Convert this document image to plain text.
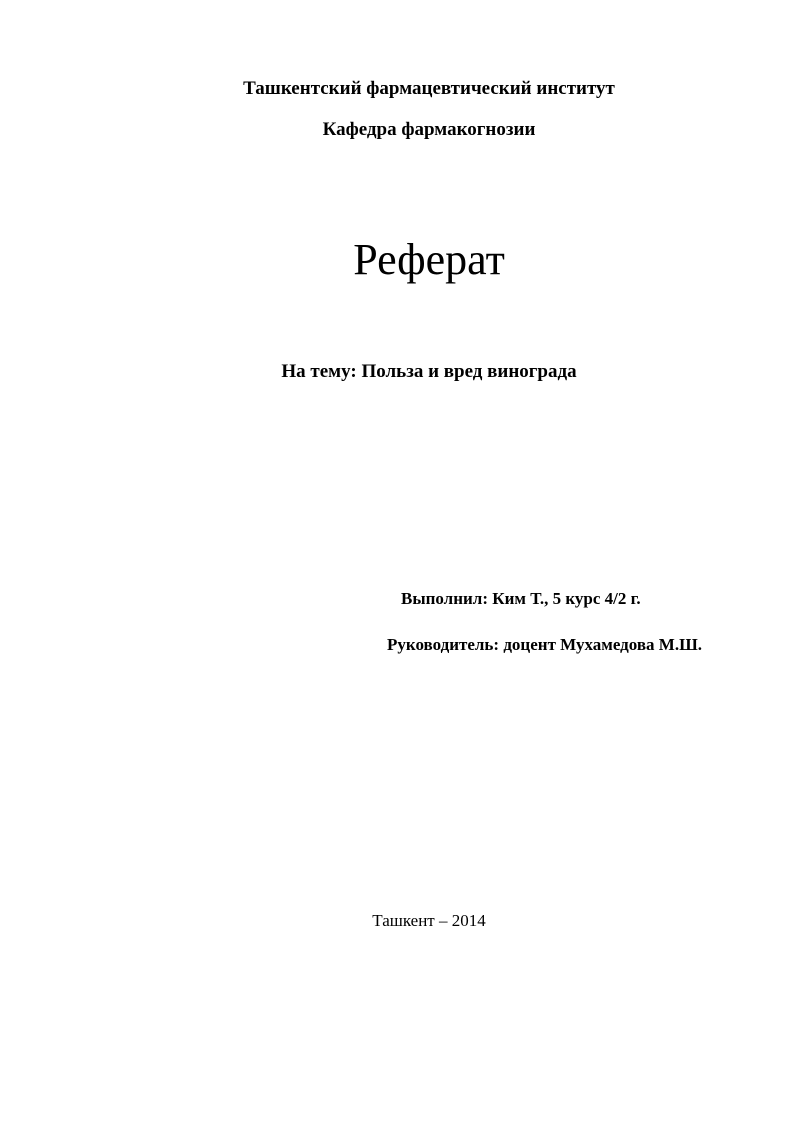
Ташкентский фармацевтический институт
Кафедра фармакогнозии
Реферат
На тему: Польза и вред винограда
Выполнил: Ким Т., 5 курс 4/2 г.
Руководитель: доцент Мухамедова М.Ш.
Ташкент – 2014
